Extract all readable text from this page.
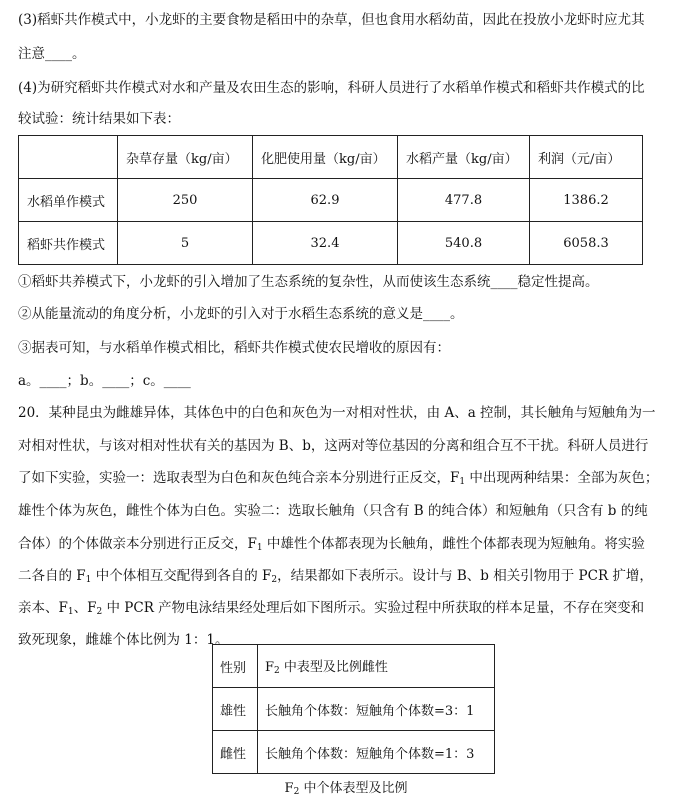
(3)稻虾共作模式中，小龙虾的主要食物是稻田中的杂草，但也食用水稻幼苗，因此在投放小龙虾时应尤其
注意____。
(4)为研究稻虾共作模式对水和产量及农田生态的影响，科研人员进行了水稻单作模式和稻虾共作模式的比
较试验：统计结果如下表：
	杂草存量（kg/亩）	化肥使用量（kg/亩）	水稻产量（kg/亩）	利润（元/亩）
水稻单作模式	250	62.9	477.8	1386.2
稻虾共作模式	5	32.4	540.8	6058.3
①稻虾共养模式下，小龙虾的引入增加了生态系统的复杂性，从而使该生态系统____稳定性提高。
②从能量流动的角度分析，小龙虾的引入对于水稻生态系统的意义是____。
③据表可知，与水稻单作模式相比，稻虾共作模式使农民增收的原因有：
a。____；b。____；c。____
20．某种昆虫为雌雄异体，其体色中的白色和灰色为一对相对性状，由 A、a 控制，其长触角与短触角为一
对相对性状，与该对相对性状有关的基因为 B、b，这两对等位基因的分离和组合互不干扰。科研人员进行
了如下实验，实验一：选取表型为白色和灰色纯合亲本分别进行正反交，$F_1$ 中出现两种结果：全部为灰色；
雄性个体为灰色，雌性个体为白色。实验二：选取长触角（只含有 B 的纯合体）和短触角（只含有 b 的纯
合体）的个体做亲本分别进行正反交，$F_1$ 中雄性个体都表现为长触角，雌性个体都表现为短触角。将实验
二各自的 $F_1$ 中个体相互交配得到各自的 $F_2$，结果都如下表所示。设计与 B、b 相关引物用于 PCR 扩增，
亲本、$F_1$、$F_2$ 中 PCR 产物电泳结果经处理后如下图所示。实验过程中所获取的样本足量，不存在突变和
致死现象，雌雄个体比例为 1：1。
性别	$F_2$ 中表型及比例雌性
雄性	长触角个体数：短触角个体数=3：1
雌性	长触角个体数：短触角个体数=1：3
$F_2$ 中个体表型及比例
